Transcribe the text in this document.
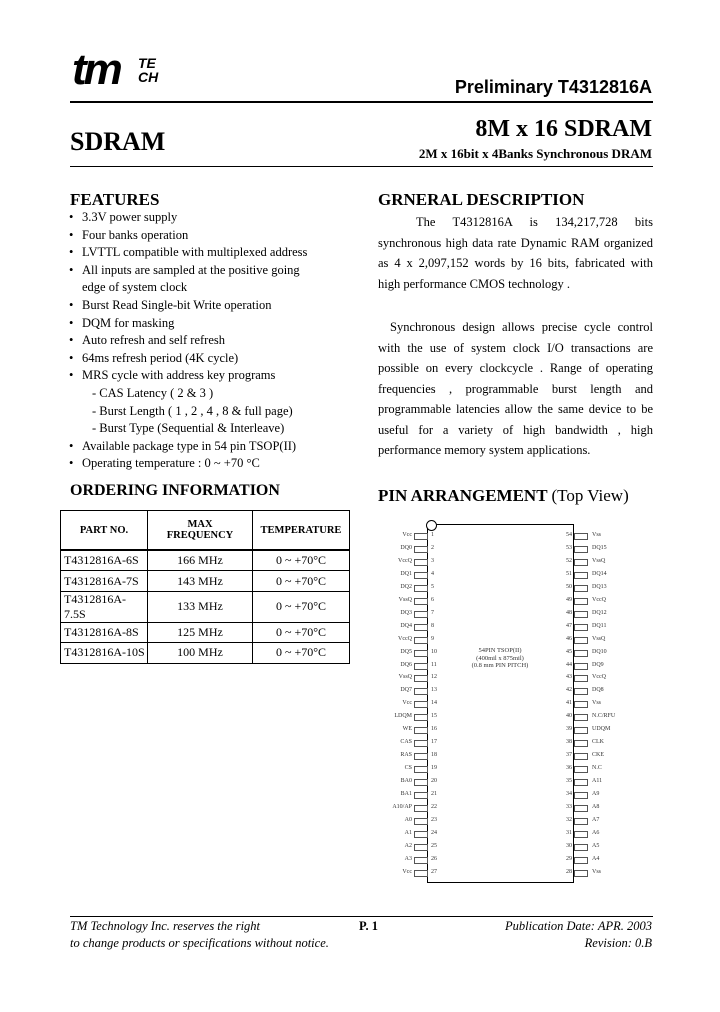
tm TE
CH	Preliminary T4312816A
SDRAM	8M x 16 SDRAM
2M x 16bit x 4Banks Synchronous DRAM
FEATURES
• 3.3V power supply
• Four banks operation
• LVTTL compatible with multiplexed address
• All inputs are sampled at the positive going
edge of system clock
• Burst Read Single-bit Write operation
• DQM for masking
• Auto refresh and self refresh
• 64ms refresh period (4K cycle)
• MRS cycle with address key programs
- CAS Latency ( 2 & 3 )
- Burst Length ( 1 , 2 , 4 , 8 & full page)
- Burst Type (Sequential & Interleave)
• Available package type in 54 pin TSOP(II)
• Operating temperature : 0 ~ +70 °C
ORDERING INFORMATION
PART NO.	MAX FREQUENCY	TEMPERATURE
T4312816A-6S	166 MHz	0 ~ +70°C
T4312816A-7S	143 MHz	0 ~ +70°C
T4312816A-7.5S	133 MHz	0 ~ +70°C
T4312816A-8S	125 MHz	0 ~ +70°C
T4312816A-10S	100 MHz	0 ~ +70°C
GRNERAL DESCRIPTION

The T4312816A is 134,217,728 bits synchronous high data rate Dynamic RAM organized as 4 x 2,097,152 words by 16 bits, fabricated with high performance CMOS technology .

Synchronous design allows precise cycle control with the use of system clock I/O transactions are possible on every clockcycle . Range of operating frequencies , programmable burst length and programmable latencies allow the same device to be useful for a variety of high bandwidth , high performance memory system applications.

PIN ARRANGEMENT (Top View)
54PIN TSOP(II)
(400mil x 875mil)
(0.8 mm PIN PITCH)
Vcc	1
DQ0	2
VccQ	3
DQ1	4
DQ2	5
VssQ	6
DQ3	7
DQ4	8
VccQ	9
DQ5	10
DQ6	11
VssQ	12
DQ7	13
Vcc	14
LDQM	15
WE	16
CAS	17
RAS	18
CS	19
BA0	20
BA1	21
A10/AP	22
A0	23
A1	24
A2	25
A3	26
Vcc	27
Vss
54
DQ15
53
VssQ
52
DQ14
51
DQ13
50
VccQ
49
DQ12
48
DQ11
47
VssQ
46
DQ10
45
DQ9
44
VccQ
43
DQ8
42
Vss
41
N.C/RFU
40
UDQM
39
CLK
38
CKE
37
N.C
36
A11
35
A9
34
A8
33
A7
32
A6
31
A5
30
A4
29
Vss
28
TM Technology Inc. reserves the right
to change products or specifications without notice.
P. 1	Publication Date: APR. 2003
Revision: 0.B
